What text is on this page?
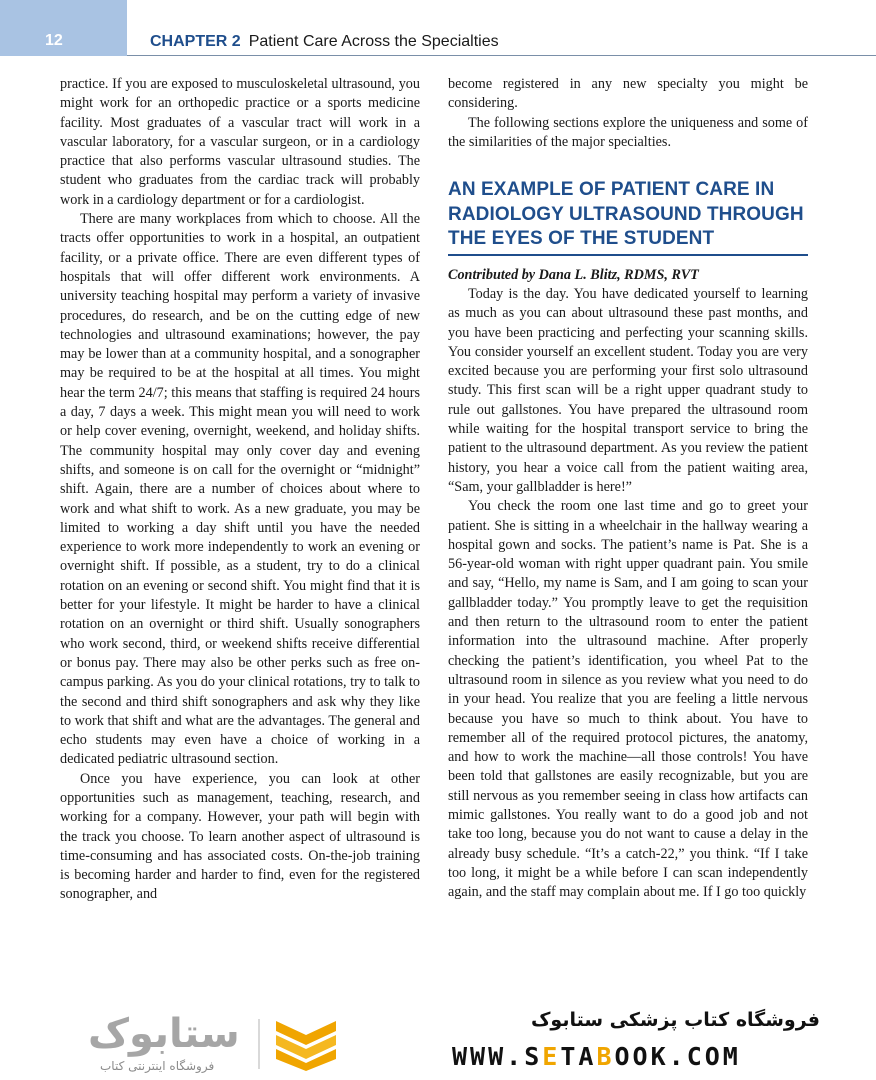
12	CHAPTER 2 Patient Care Across the Specialties

practice. If you are exposed to musculoskeletal ultrasound, you might work for an orthopedic practice or a sports medicine facility. Most graduates of a vascular tract will work in a vascular laboratory, for a vascular surgeon, or in a cardiology practice that also performs vascular ultrasound studies. The student who graduates from the cardiac track will probably work in a cardiology department or for a cardiologist.

There are many workplaces from which to choose. All the tracts offer opportunities to work in a hospital, an outpatient facility, or a private office. There are even different types of hospitals that will offer different work environments. A university teaching hospital may perform a variety of invasive procedures, do research, and be on the cutting edge of new technologies and ultrasound examinations; however, the pay may be lower than at a community hospital, and a sonographer may be required to be at the hospital at all times. You might hear the term 24/7; this means that staffing is required 24 hours a day, 7 days a week. This might mean you will need to work or help cover evening, overnight, weekend, and holiday shifts. The community hospital may only cover day and evening shifts, and someone is on call for the overnight or “midnight” shift. Again, there are a number of choices about where to work and what shift to work. As a new graduate, you may be limited to working a day shift until you have the needed experience to work more independently to work an evening or overnight shift. If possible, as a student, try to do a clinical rotation on an evening or second shift. You might find that it is better for your lifestyle. It might be harder to have a clinical rotation on an overnight or third shift. Usually sonographers who work second, third, or weekend shifts receive differential or bonus pay. There may also be other perks such as free on-campus parking. As you do your clinical rotations, try to talk to the second and third shift sonographers and ask why they like to work that shift and what are the advantages. The general and echo students may even have a choice of working in a dedicated pediatric ultrasound section.

Once you have experience, you can look at other opportunities such as management, teaching, research, and working for a company. However, your path will begin with the track you choose. To learn another aspect of ultrasound is time-consuming and has associated costs. On-the-job training is becoming harder and harder to find, even for the registered sonographer, and

become registered in any new specialty you might be considering.

The following sections explore the uniqueness and some of the similarities of the major specialties.

AN EXAMPLE OF PATIENT CARE IN RADIOLOGY ULTRASOUND THROUGH THE EYES OF THE STUDENT

Contributed by Dana L. Blitz, RDMS, RVT

Today is the day. You have dedicated yourself to learning as much as you can about ultrasound these past months, and you have been practicing and perfecting your scanning skills. You consider yourself an excellent student. Today you are very excited because you are performing your first solo ultrasound study. This first scan will be a right upper quadrant study to rule out gallstones. You have prepared the ultrasound room while waiting for the hospital transport service to bring the patient to the ultrasound department. As you review the patient history, you hear a voice call from the patient waiting area, “Sam, your gallbladder is here!”

You check the room one last time and go to greet your patient. She is sitting in a wheelchair in the hallway wearing a hospital gown and socks. The patient’s name is Pat. She is a 56-year-old woman with right upper quadrant pain. You smile and say, “Hello, my name is Sam, and I am going to scan your gallbladder today.” You promptly leave to get the requisition and then return to the ultrasound room to enter the patient information into the ultrasound machine. After properly checking the patient’s identification, you wheel Pat to the ultrasound room in silence as you review what you need to do in your head. You realize that you are feeling a little nervous because you have so much to think about. You have to remember all of the required protocol pictures, the anatomy, and how to work the machine—all those controls! You have been told that gallstones are easily recognizable, but you are still nervous as you remember seeing in class how artifacts can mimic gallstones. You really want to do a good job and not take too long, because you do not want to cause a delay in the already busy schedule. “It’s a catch-22,” you think. “If I take too long, it might be a while before I can scan independently again, and the staff may complain about me. If I go too quickly

ستابوک
فروشگاه اینترنتی کتاب
فروشگاه کتاب پزشکی ستابوک
WWW.SETABOOK.COM
